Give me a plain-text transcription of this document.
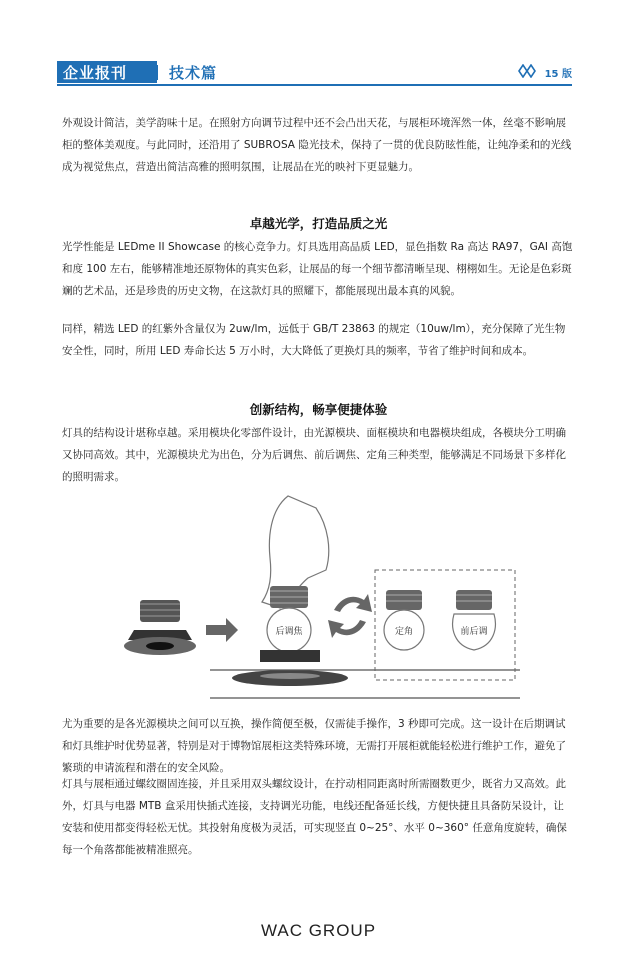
企业报刊	技术篇	15 版

外观设计简洁，美学韵味十足。在照射方向调节过程中还不会凸出天花，与展柜环境浑然一体，丝毫不影响展柜的整体美观度。与此同时，还沿用了 SUBROSA 隐光技术，保持了一贯的优良防眩性能，让纯净柔和的光线成为视觉焦点，营造出简洁高雅的照明氛围，让展品在光的映衬下更显魅力。

卓越光学，打造品质之光

光学性能是 LEDme II Showcase 的核心竞争力。灯具选用高品质 LED，显色指数 Ra 高达 RA97，GAI 高饱和度 100 左右，能够精准地还原物体的真实色彩，让展品的每一个细节都清晰呈现、栩栩如生。无论是色彩斑斓的艺术品，还是珍贵的历史文物，在这款灯具的照耀下，都能展现出最本真的风貌。

同样，精选 LED 的红紫外含量仅为 2uw/lm，远低于 GB/T 23863 的规定（10uw/lm），充分保障了光生物安全性，同时，所用 LED 寿命长达 5 万小时，大大降低了更换灯具的频率，节省了维护时间和成本。

创新结构，畅享便捷体验

灯具的结构设计堪称卓越。采用模块化零部件设计，由光源模块、面框模块和电器模块组成，各模块分工明确又协同高效。其中，光源模块尤为出色，分为后调焦、前后调焦、定角三种类型，能够满足不同场景下多样化的照明需求。

后调焦	定角	前后调

尤为重要的是各光源模块之间可以互换，操作简便至极，仅需徒手操作，3 秒即可完成。这一设计在后期调试和灯具维护时优势显著，特别是对于博物馆展柜这类特殊环境，无需打开展柜就能轻松进行维护工作，避免了繁琐的申请流程和潜在的安全风险。

灯具与展柜通过螺纹圈固连接，并且采用双头螺纹设计，在拧动相同距离时所需圈数更少，既省力又高效。此外，灯具与电器 MTB 盒采用快插式连接，支持调光功能，电线还配备延长线，方便快捷且具备防呆设计，让安装和使用都变得轻松无忧。其投射角度极为灵活，可实现竖直 0~25°、水平 0~360° 任意角度旋转，确保每一个角落都能被精准照亮。

WAC GROUP
